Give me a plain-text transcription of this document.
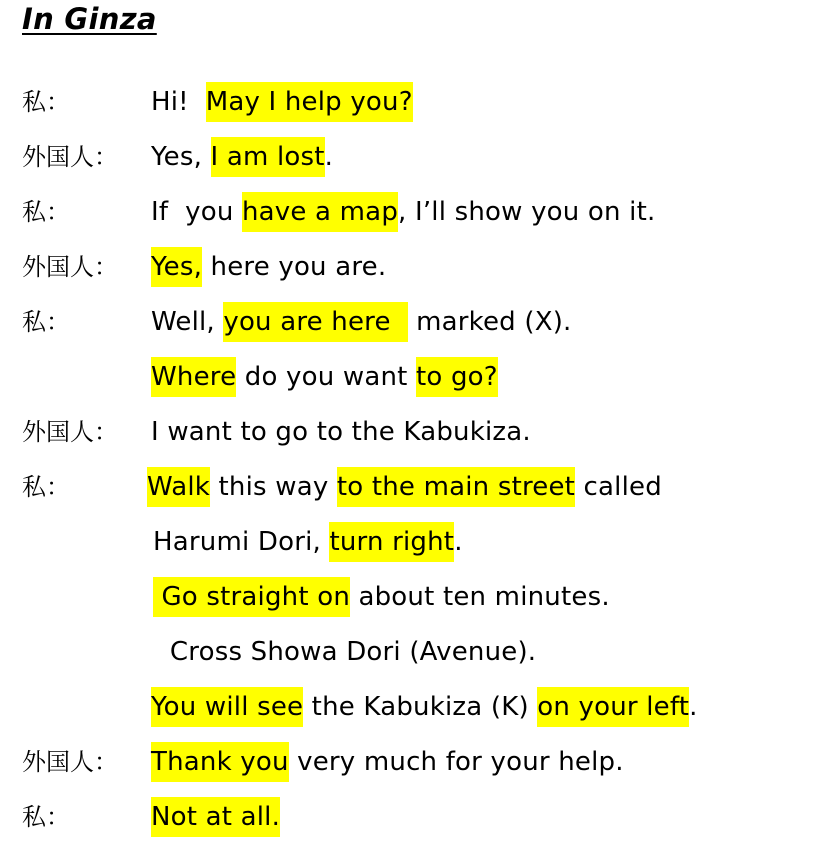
In Ginza
私：	Hi!  May I help you?
外国人： Yes, I am lost.
私：	If  you have a map, I’ll show you on it.
外国人： Yes, here you are.
私：	Well, you are here   marked (X).
Where do you want to go?
外国人： I want to go to the Kabukiza.
私：	Walk this way to the main street called
Harumi Dori, turn right.
Go straight on about ten minutes.
Cross Showa Dori (Avenue).
You will see the Kabukiza (K) on your left.
外国人： Thank you very much for your help.
私：	Not at all.
